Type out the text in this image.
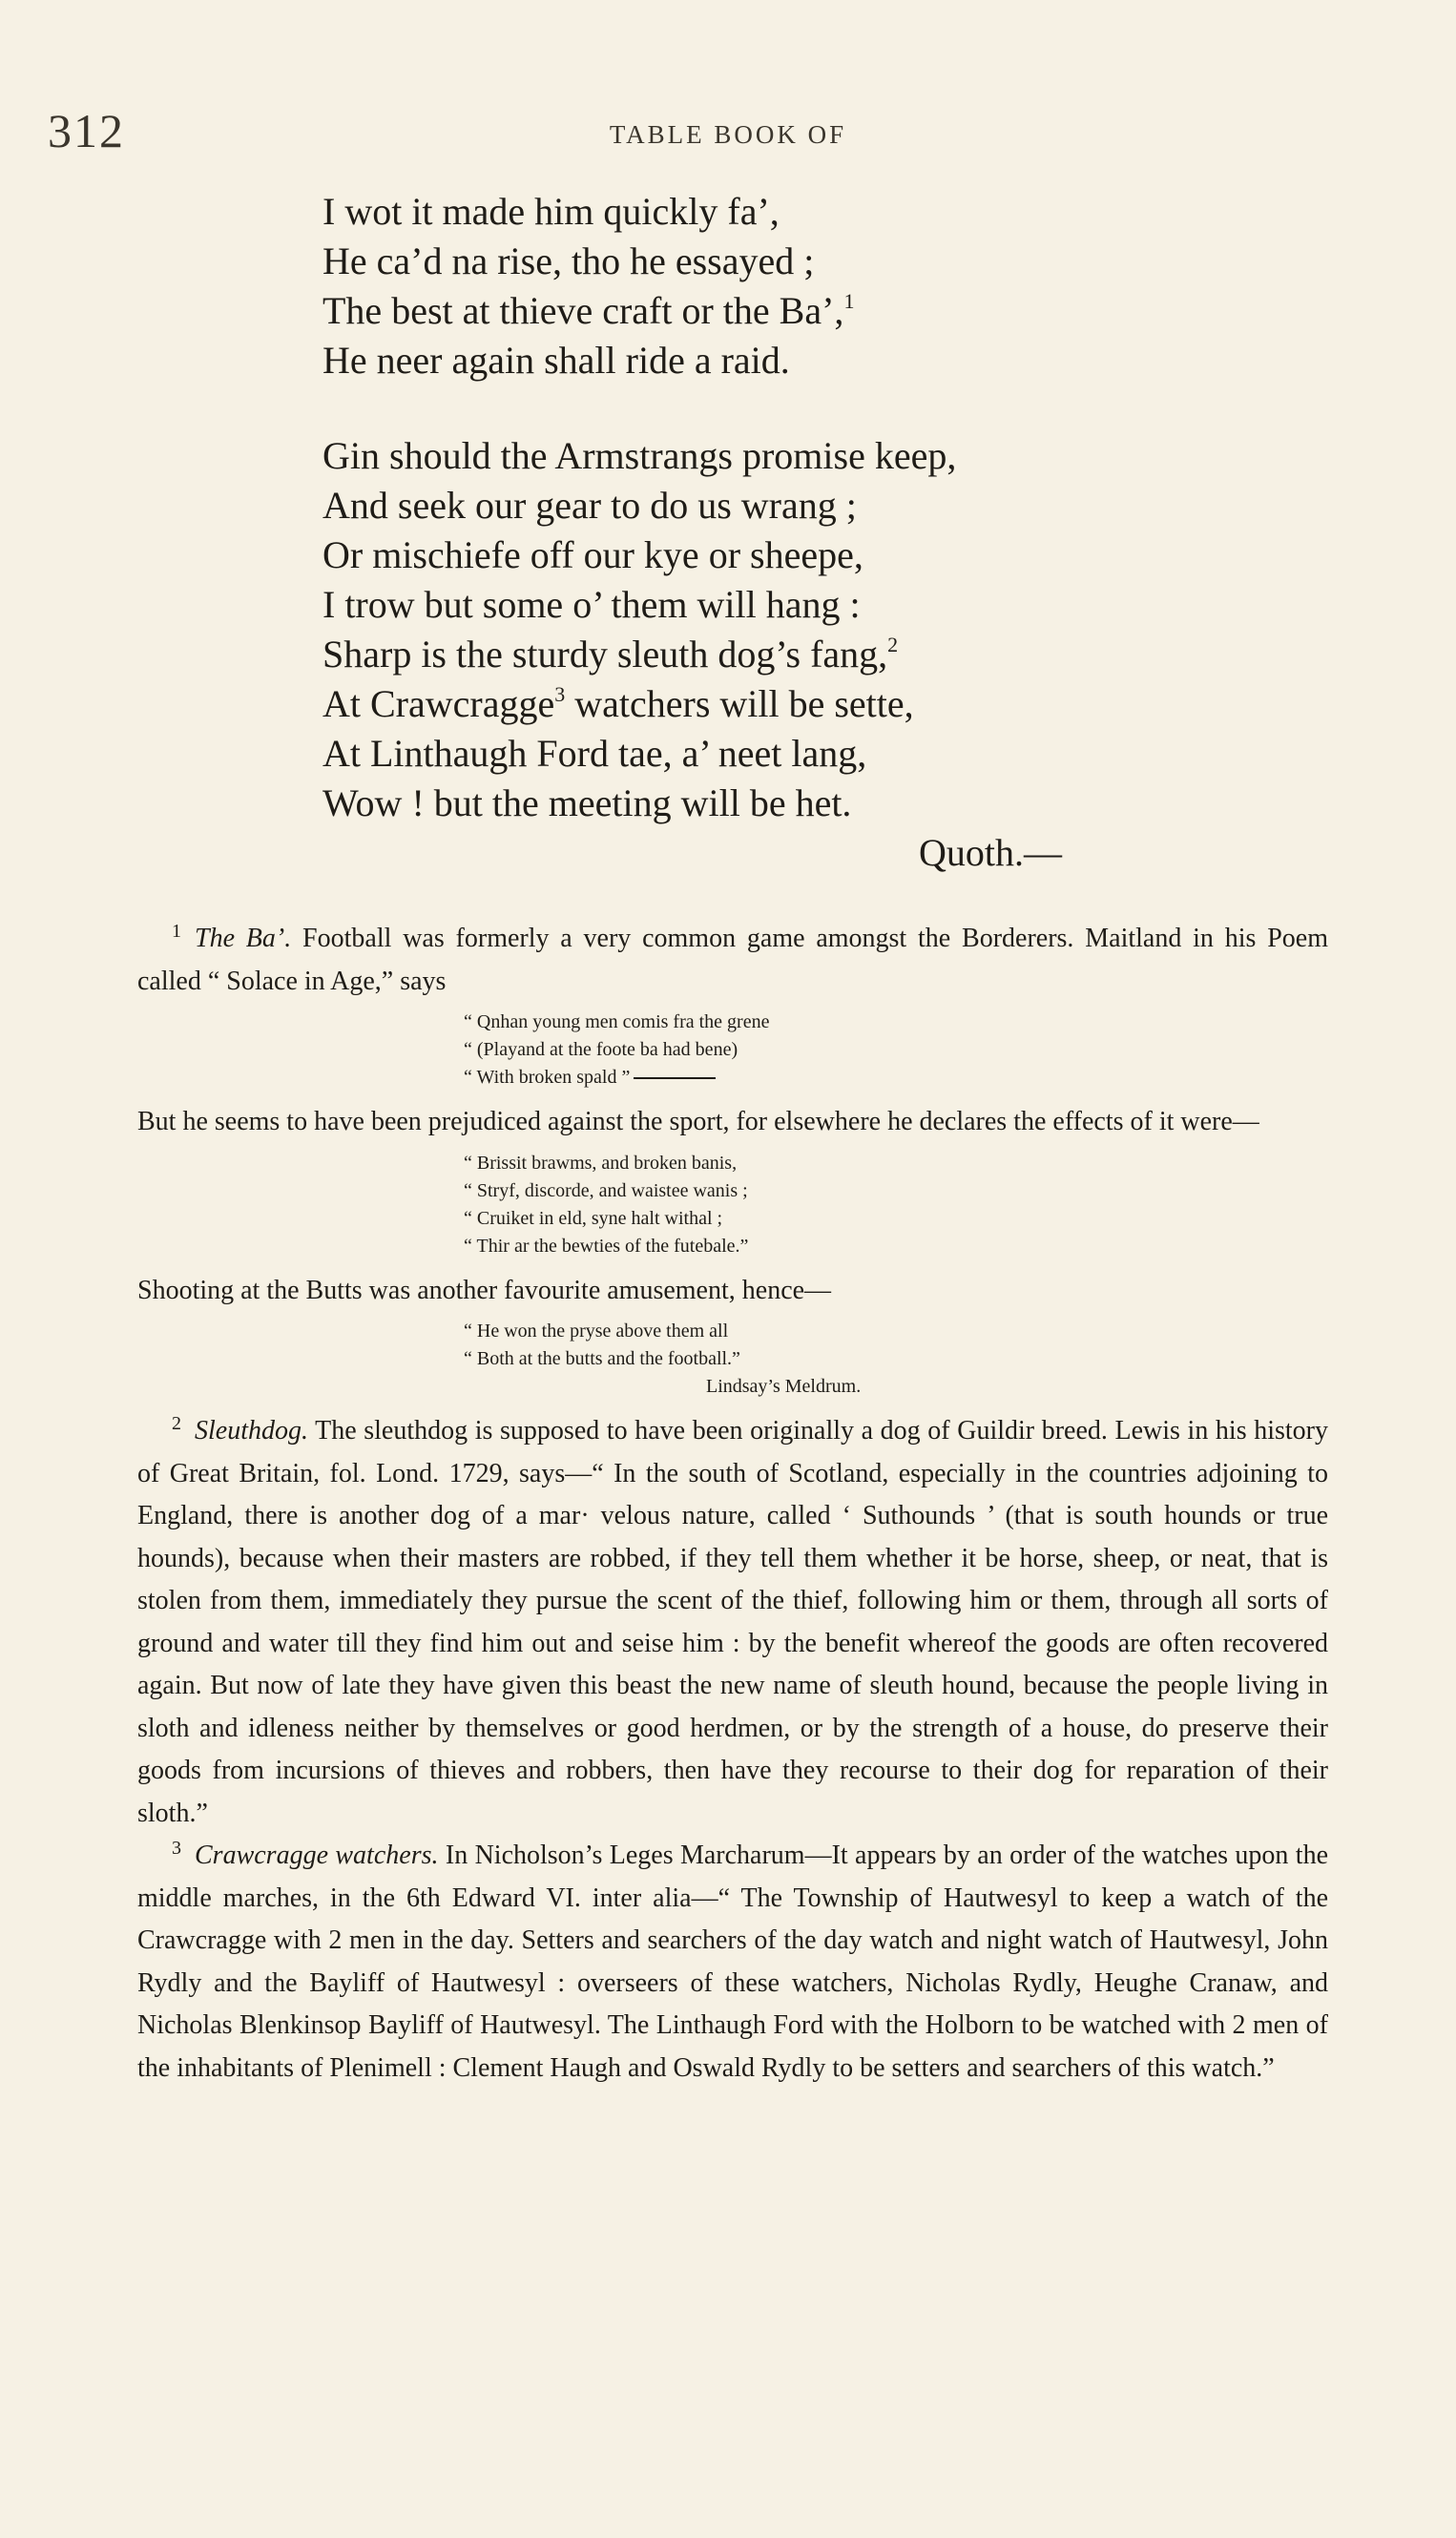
312	TABLE BOOK OF
I wot it made him quickly fa’,
He ca’d na rise, tho he essayed ;
The best at thieve craft or the Ba’,$^1$
He neer again shall ride a raid.
Gin should the Armstrangs promise keep,
And seek our gear to do us wrang ;
Or mischiefe off our kye or sheepe,
I trow but some o’ them will hang :
Sharp is the sturdy sleuth dog’s fang,$^2$
At Crawcragge$^3$ watchers will be sette,
At Linthaugh Ford tae, a’ neet lang,
Wow ! but the meeting will be het.
Quoth.—

$^1$ The Ba’. Football was formerly a very common game amongst the Borderers. Maitland in his Poem called “ Solace in Age,” says

“ Qnhan young men comis fra the grene
“ (Playand at the foote ba had bene)
“ With broken spald ”

But he seems to have been prejudiced against the sport, for elsewhere he declares the effects of it were—

“ Brissit brawms, and broken banis,
“ Stryf, discorde, and waistee wanis ;
“ Cruiket in eld, syne halt withal ;
“ Thir ar the bewties of the futebale.”

Shooting at the Butts was another favourite amusement, hence—

“ He won the pryse above them all
“ Both at the butts and the football.”
Lindsay’s Meldrum.

$^2$ Sleuthdog. The sleuthdog is supposed to have been originally a dog of Guildir breed. Lewis in his history of Great Britain, fol. Lond. 1729, says—“ In the south of Scotland, especially in the countries adjoining to England, there is another dog of a mar· velous nature, called ‘ Suthounds ’ (that is south hounds or true hounds), because when their masters are robbed, if they tell them whether it be horse, sheep, or neat, that is stolen from them, immediately they pursue the scent of the thief, following him or them, through all sorts of ground and water till they find him out and seise him : by the benefit whereof the goods are often recovered again. But now of late they have given this beast the new name of sleuth hound, because the people living in sloth and idleness neither by themselves or good herdmen, or by the strength of a house, do preserve their goods from incursions of thieves and robbers, then have they recourse to their dog for reparation of their sloth.”

$^3$ Crawcragge watchers. In Nicholson’s Leges Marcharum—It appears by an order of the watches upon the middle marches, in the 6th Edward VI. inter alia—“ The Township of Hautwesyl to keep a watch of the Crawcragge with 2 men in the day. Setters and searchers of the day watch and night watch of Hautwesyl, John Rydly and the Bayliff of Hautwesyl : overseers of these watchers, Nicholas Rydly, Heughe Cranaw, and Nicholas Blenkinsop Bayliff of Hautwesyl. The Linthaugh Ford with the Holborn to be watched with 2 men of the inhabitants of Plenimell : Clement Haugh and Oswald Rydly to be setters and searchers of this watch.”
